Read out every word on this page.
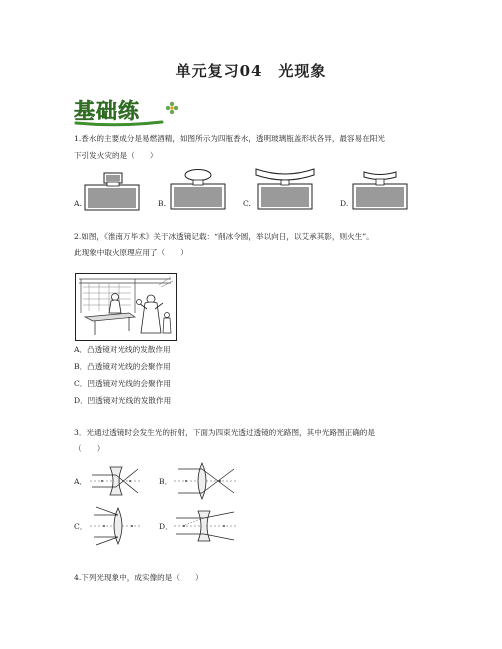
单元复习04　光现象
基础练
1.香水的主要成分是易燃酒精，如图所示为四瓶香水，透明玻璃瓶盖形状各异，最容易在阳光
下引发火灾的是（　　）
A.	B.	C.	D.
2.如图，《淮南万毕术》关于冰透镜记载：“削冰令圆，举以向日，以艾承其影，则火生”。
此现象中取火原理应用了（　　）
A．凸透镜对光线的发散作用
B．凸透镜对光线的会聚作用
C．凹透镜对光线的会聚作用
D．凹透镜对光线的发散作用
3．光通过透镜时会发生光的折射，下面为四束光透过透镜的光路图，其中光路图正确的是
（　　）
A．	B．
C．	D．
4.下列光现象中，成实像的是（　　）
